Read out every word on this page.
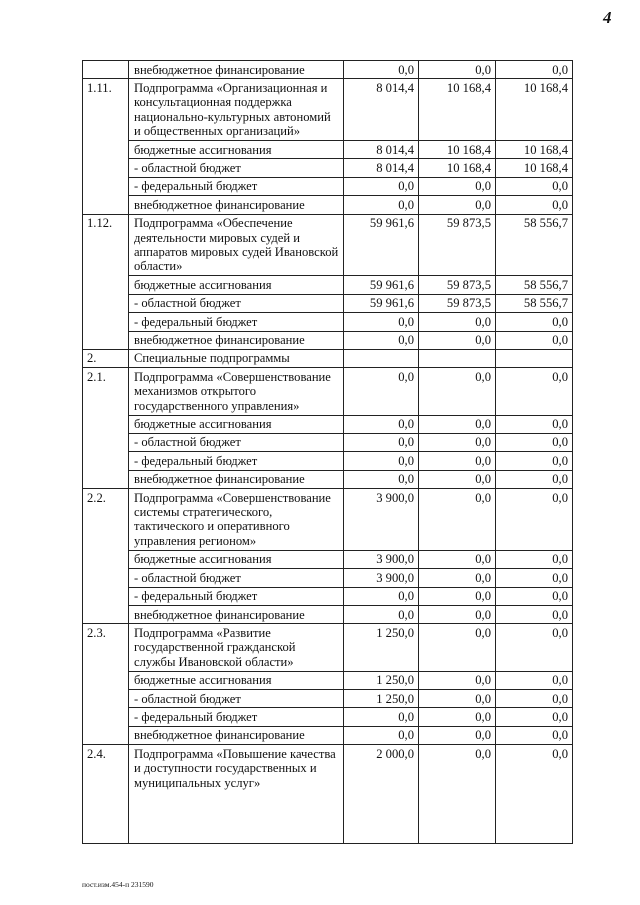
4
	внебюджетное финансирование	0,0	0,0	0,0
1.11.	Подпрограмма «Организационная и консультационная поддержка национально-культурных автономий и общественных организаций»	8 014,4	10 168,4	10 168,4
	бюджетные ассигнования	8 014,4	10 168,4	10 168,4
	- областной бюджет	8 014,4	10 168,4	10 168,4
	- федеральный бюджет	0,0	0,0	0,0
	внебюджетное финансирование	0,0	0,0	0,0
1.12.	Подпрограмма «Обеспечение деятельности мировых судей и аппаратов мировых судей Ивановской области»	59 961,6	59 873,5	58 556,7
	бюджетные ассигнования	59 961,6	59 873,5	58 556,7
	- областной бюджет	59 961,6	59 873,5	58 556,7
	- федеральный бюджет	0,0	0,0	0,0
	внебюджетное финансирование	0,0	0,0	0,0
2.	Специальные подпрограммы			
2.1.	Подпрограмма «Совершенствование механизмов открытого государственного управления»	0,0	0,0	0,0
	бюджетные ассигнования	0,0	0,0	0,0
	- областной бюджет	0,0	0,0	0,0
	- федеральный бюджет	0,0	0,0	0,0
	внебюджетное финансирование	0,0	0,0	0,0
2.2.	Подпрограмма «Совершенствование системы стратегического, тактического и оперативного управления регионом»	3 900,0	0,0	0,0
	бюджетные ассигнования	3 900,0	0,0	0,0
	- областной бюджет	3 900,0	0,0	0,0
	- федеральный бюджет	0,0	0,0	0,0
	внебюджетное финансирование	0,0	0,0	0,0
2.3.	Подпрограмма «Развитие государственной гражданской службы Ивановской области»	1 250,0	0,0	0,0
	бюджетные ассигнования	1 250,0	0,0	0,0
	- областной бюджет	1 250,0	0,0	0,0
	- федеральный бюджет	0,0	0,0	0,0
	внебюджетное финансирование	0,0	0,0	0,0
2.4.	Подпрограмма «Повышение качества и доступности государственных и муниципальных услуг»	2 000,0	0,0	0,0
пост.изм.454-п 231590
